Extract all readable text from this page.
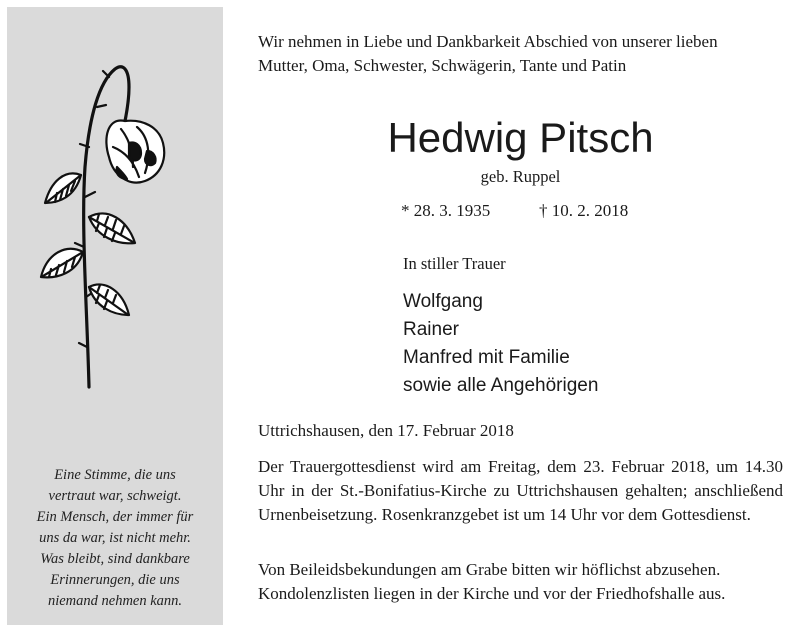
Eine Stimme, die uns
vertraut war, schweigt.
Ein Mensch, der immer für
uns da war, ist nicht mehr.
Was bleibt, sind dankbare
Erinnerungen, die uns
niemand nehmen kann.
Wir nehmen in Liebe und Dankbarkeit Abschied von unserer lieben
Mutter, Oma, Schwester, Schwägerin, Tante und Patin
Hedwig Pitsch
geb. Ruppel
* 28. 3. 1935	† 10. 2. 2018
In stiller Trauer
Wolfgang
Rainer
Manfred mit Familie
sowie alle Angehörigen
Uttrichshausen, den 17. Februar 2018
Der Trauergottesdienst wird am Freitag, dem 23. Februar 2018, um 14.30 Uhr in der St.-Bonifatius-Kirche zu Uttrichshausen gehalten; anschließend Urnenbeisetzung. Rosenkranzgebet ist um 14 Uhr vor dem Gottesdienst.
Von Beileidsbekundungen am Grabe bitten wir höflichst abzusehen. Kondolenzlisten liegen in der Kirche und vor der Friedhofshalle aus.
